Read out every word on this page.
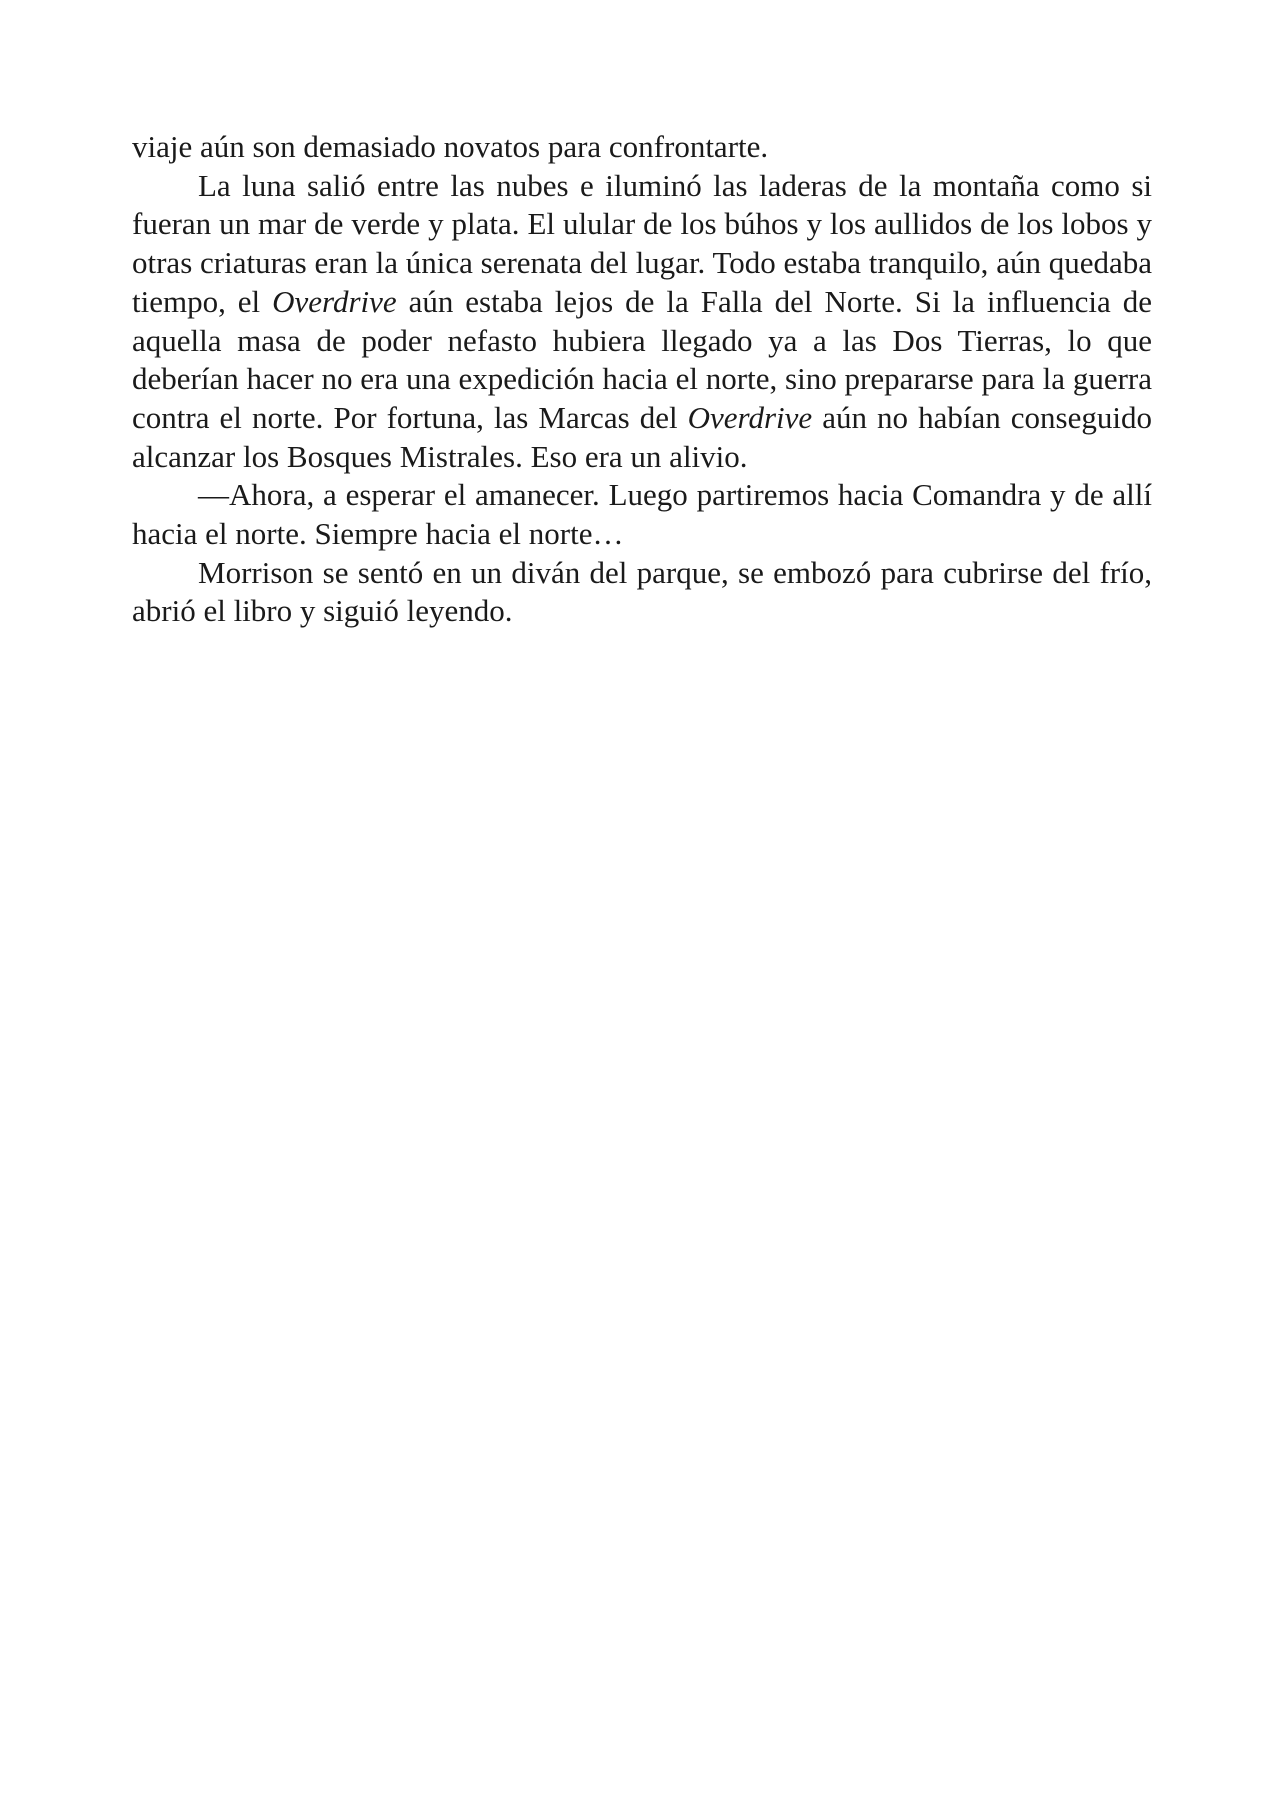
viaje aún son demasiado novatos para confrontarte.

La luna salió entre las nubes e iluminó las laderas de la montaña como si fueran un mar de verde y plata. El ulular de los búhos y los aullidos de los lobos y otras criaturas eran la única serenata del lugar. Todo estaba tranquilo, aún quedaba tiempo, el Overdrive aún estaba lejos de la Falla del Norte. Si la influencia de aquella masa de poder nefasto hubiera llegado ya a las Dos Tierras, lo que deberían hacer no era una expedición hacia el norte, sino prepararse para la guerra contra el norte. Por fortuna, las Marcas del Overdrive aún no habían conseguido alcanzar los Bosques Mistrales. Eso era un alivio.

—Ahora, a esperar el amanecer. Luego partiremos hacia Comandra y de allí hacia el norte. Siempre hacia el norte…

Morrison se sentó en un diván del parque, se embozó para cubrirse del frío, abrió el libro y siguió leyendo.
